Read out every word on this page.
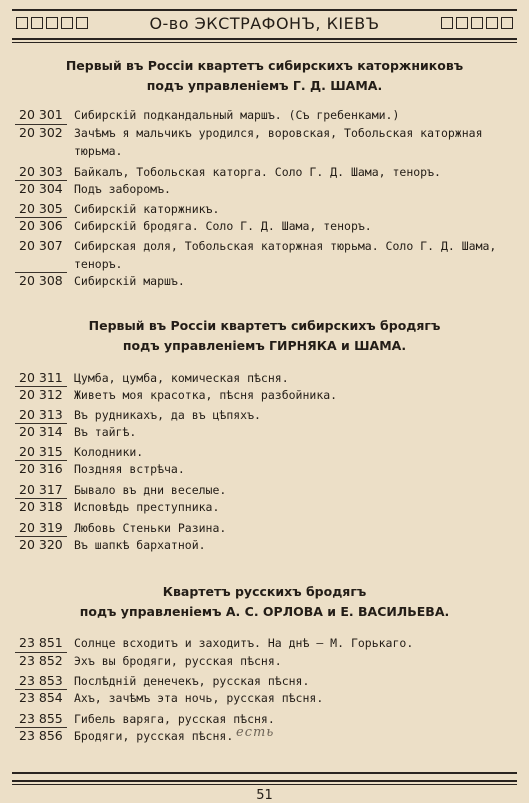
О-во ЭКСТРАФОНЪ, КIЕВЪ
Первый въ Россіи квартетъ сибирскихъ каторжниковъ
подъ управленіемъ Г. Д. ШАМА.
20 301 Сибирскій подкандальный маршъ. (Съ гребенками.)
20 302 Зачѣмъ я мальчикъ уродился, воровская, Тобольская каторжная тюрьма.
20 303 Байкалъ, Тобольская каторга. Соло Г. Д. Шама, теноръ.
20 304 Подъ заборомъ.
20 305 Сибирскій каторжникъ.
20 306 Сибирскій бродяга. Соло Г. Д. Шама, теноръ.
20 307 Сибирская доля, Тобольская каторжная тюрьма. Соло Г. Д. Шама, теноръ.
20 308 Сибирскій маршъ.
Первый въ Россіи квартетъ сибирскихъ бродягъ
подъ управленіемъ ГИРНЯКА и ШАМА.
20 311 Цумба, цумба, комическая пѣсня.
20 312 Живетъ моя красотка, пѣсня разбойника.
20 313 Въ рудникахъ, да въ цѣпяхъ.
20 314 Въ тайгѣ.
20 315 Колодники.
20 316 Поздняя встрѣча.
20 317 Бывало въ дни веселые.
20 318 Исповѣдь преступника.
20 319 Любовь Стеньки Разина.
20 320 Въ шапкѣ бархатной.
Квартетъ русскихъ бродягъ
подъ управленіемъ А. С. ОРЛОВА и Е. ВАСИЛЬЕВА.
23 851 Солнце всходитъ и заходитъ. На днѣ — М. Горькаго.
23 852 Эхъ вы бродяги, русская пѣсня.
23 853 Послѣдній денечекъ, русская пѣсня.
23 854 Ахъ, зачѣмъ эта ночь, русская пѣсня.
23 855 Гибель варяга, русская пѣсня.
23 856 Бродяги, русская пѣсня. есть
51
